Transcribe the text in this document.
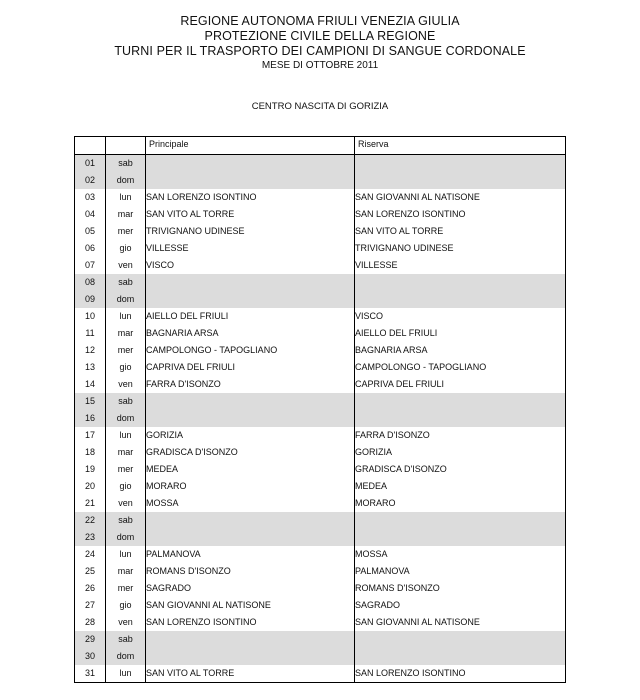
REGIONE AUTONOMA FRIULI VENEZIA GIULIA
PROTEZIONE CIVILE DELLA REGIONE
TURNI PER IL TRASPORTO DEI CAMPIONI DI SANGUE CORDONALE
MESE DI OTTOBRE 2011
CENTRO NASCITA DI GORIZIA
		Principale	Riserva
01	sab		
02	dom		
03	lun	SAN LORENZO ISONTINO	SAN GIOVANNI AL NATISONE
04	mar	SAN VITO AL TORRE	SAN LORENZO ISONTINO
05	mer	TRIVIGNANO UDINESE	SAN VITO AL TORRE
06	gio	VILLESSE	TRIVIGNANO UDINESE
07	ven	VISCO	VILLESSE
08	sab		
09	dom		
10	lun	AIELLO DEL FRIULI	VISCO
11	mar	BAGNARIA ARSA	AIELLO DEL FRIULI
12	mer	CAMPOLONGO - TAPOGLIANO	BAGNARIA ARSA
13	gio	CAPRIVA DEL FRIULI	CAMPOLONGO - TAPOGLIANO
14	ven	FARRA D'ISONZO	CAPRIVA DEL FRIULI
15	sab		
16	dom		
17	lun	GORIZIA	FARRA D'ISONZO
18	mar	GRADISCA D'ISONZO	GORIZIA
19	mer	MEDEA	GRADISCA D'ISONZO
20	gio	MORARO	MEDEA
21	ven	MOSSA	MORARO
22	sab		
23	dom		
24	lun	PALMANOVA	MOSSA
25	mar	ROMANS D'ISONZO	PALMANOVA
26	mer	SAGRADO	ROMANS D'ISONZO
27	gio	SAN GIOVANNI AL NATISONE	SAGRADO
28	ven	SAN LORENZO ISONTINO	SAN GIOVANNI AL NATISONE
29	sab		
30	dom		
31	lun	SAN VITO AL TORRE	SAN LORENZO ISONTINO
